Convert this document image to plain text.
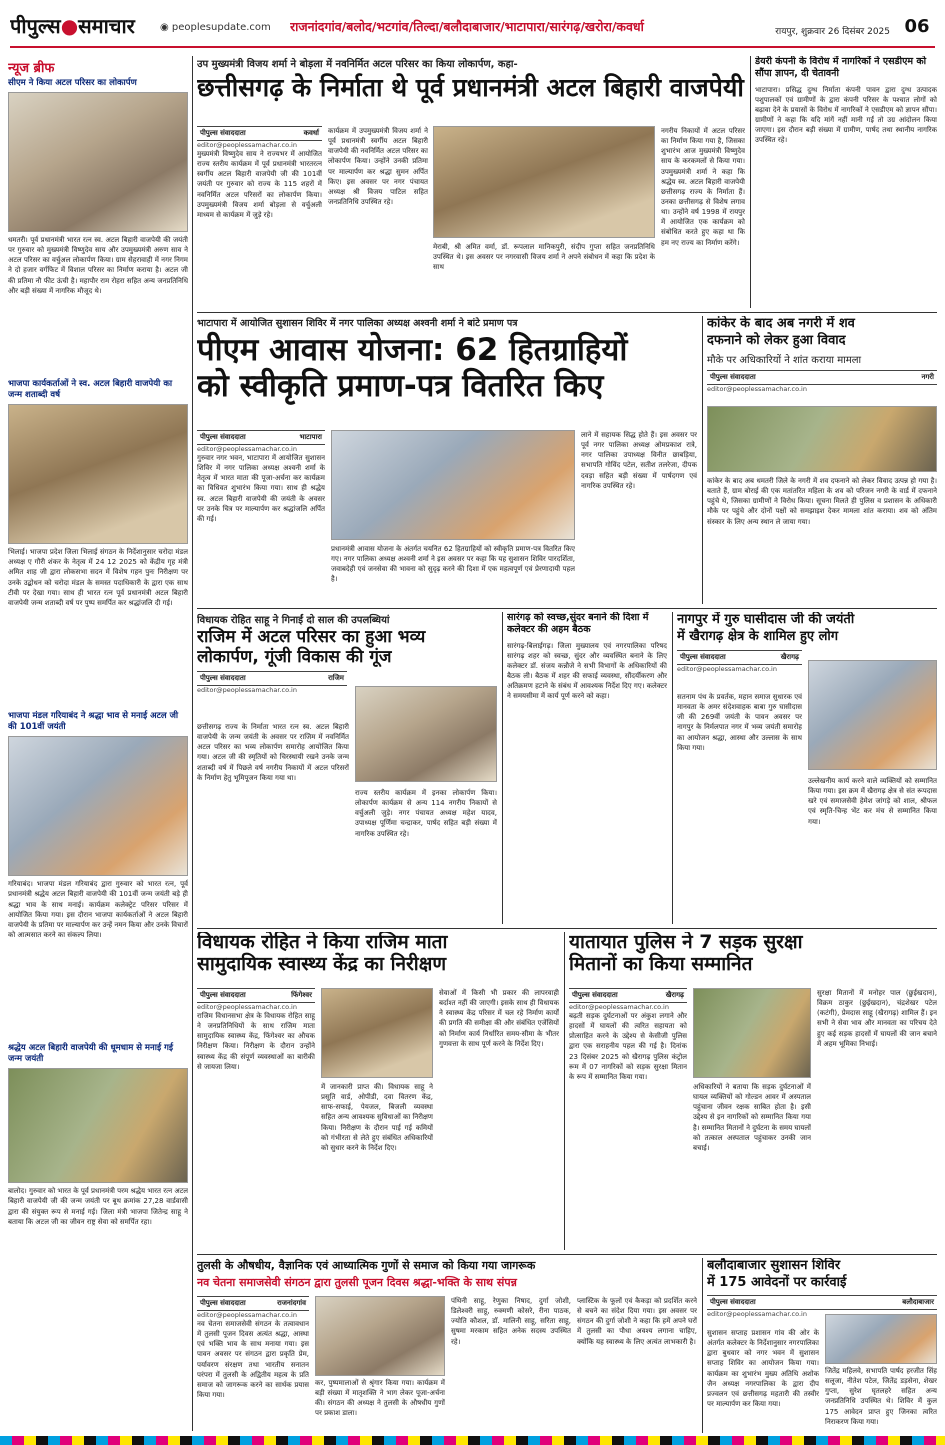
पीपुल्स●समाचार	◉ peoplesupdate.com	राजनांदगांव/बलोद/भटगांव/तिल्दा/बलौदाबाजार/भाटापारा/सारंगढ़/खरोरा/कवर्धा	रायपुर, शुक्रवार 26 दिसंबर 2025 06
न्यूज ब्रीफ
सीएम ने किया अटल परिसर का लोकार्पण
धमतरी। पूर्व प्रधानमंत्री भारत रत्न स्व. अटल बिहारी वाजपेयी की जयंती पर गुरुवार को मुख्यमंत्री विष्णुदेव साय और उपमुख्यमंत्री अरुण साव ने अटल परिसर का वर्चुअल लोकार्पण किया। ग्राम सेहरावाही में नगर निगम ने दो हजार वर्गफिट में विशाल परिसर का निर्माण कराया है। अटल जी की प्रतिमा नौ फीट ऊंची है। महापौर राम रोहरा सहित अन्य जनप्रतिनिधि और बड़ी संख्या में नागरिक मौजूद थे।
भाजपा कार्यकर्ताओं ने स्व. अटल बिहारी वाजपेयी का जन्म शताब्दी वर्ष
भिलाई। भाजपा प्रदेश जिला भिलाई संगठन के निर्देशानुसार चरोदा मंडल अध्यक्ष ए गौरी शंकर के नेतृत्व में 24 12 2025 को केंद्रीय गृह मंत्री अमित शाह जी द्वारा लोकसभा सदन में विशेष गहन पुनः निरीक्षण पर उनके उद्बोधन को चरोदा मंडल के समस्त पदाधिकारी के द्वारा एक साथ टीवी पर देखा गया। साथ ही भारत रत्न पूर्व प्रधानमंत्री अटल बिहारी वाजपेयी जन्म शताब्दी वर्ष पर पुष्प समर्पित कर श्रद्धांजलि दी गई।
भाजपा मंडल गरियाबंद ने श्रद्धा भाव से मनाई अटल जी की 101वीं जयंती
गरियाबंद। भाजपा मंडल गरियाबंद द्वारा गुरुवार को भारत रत्न, पूर्व प्रधानमंत्री श्रद्धेय अटल बिहारी वाजपेयी की 101वीं जन्म जयंती बड़े ही श्रद्धा भाव के साथ मनाई। कार्यक्रम कलेक्ट्रेट परिसर परिसर में आयोजित किया गया। इस दौरान भाजपा कार्यकर्ताओं ने अटल बिहारी वाजपेयी के प्रतिमा पर माल्यार्पण कर उन्हें नमन किया और उनके विचारों को आत्मसात करने का संकल्प लिया।
श्रद्धेय अटल बिहारी वाजपेयी की धूमधाम से मनाई गई जन्म जयंती
बालोद। गुरुवार को भारत के पूर्व प्रधानमंत्री परम श्रद्धेय भारत रत्न अटल बिहारी वाजपेयी जी की जन्म जयंती पर बूथ क्रमांक 27,28 वार्डवासी द्वारा की संयुक्त रूप से मनाई गई। जिला मंत्री भाजपा जितेन्द्र साहू ने बताया कि अटल जी का जीवन राष्ट्र सेवा को समर्पित रहा।
उप मुख्यमंत्री विजय शर्मा ने बोड़ला में नवनिर्मित अटल परिसर का किया लोकार्पण, कहा-
छत्तीसगढ़ के निर्माता थे पूर्व प्रधानमंत्री अटल बिहारी वाजपेयी
पीपुल्स संवाददाता	कवर्धा
editor@peoplessamachar.co.in
मुख्यमंत्री विष्णुदेव साय ने राज्यभर में आयोजित राज्य स्तरीय कार्यक्रम में पूर्व प्रधानमंत्री भारतरत्न स्वर्गीय अटल बिहारी वाजपेयी जी की 101वीं जयंती पर गुरुवार को राज्य के 115 शहरों में नवनिर्मित अटल परिसरों का लोकार्पण किया। उपमुख्यमंत्री विजय शर्मा बोड़ला से वर्चुअली माध्यम से कार्यक्रम में जुड़े रहे।
कार्यक्रम में उपमुख्यमंत्री विजय शर्मा ने पूर्व प्रधानमंत्री स्वर्गीय अटल बिहारी वाजपेयी की नवनिर्मित अटल परिसर का लोकार्पण किया। उन्होंने उनकी प्रतिमा पर माल्यार्पण कर श्रद्धा सुमन अर्पित किए। इस अवसर पर नगर पंचायत अध्यक्ष श्री विजय पाटिल सहित जनप्रतिनिधि उपस्थित रहे।
मेराबी, श्री अमित वर्मा, डॉ. रूपलाल मानिकपुरी, संदीप गुप्ता सहित जनप्रतिनिधि उपस्थित थे। इस अवसर पर नगरवासी विजय शर्मा ने अपने संबोधन में कहा कि प्रदेश के साथ
नगरीय निकायों में अटल परिसर का निर्माण किया गया है, जिसका शुभारंभ आज मुख्यमंत्री विष्णुदेव साय के करकमलों से किया गया। उपमुख्यमंत्री शर्मा ने कहा कि श्रद्धेय स्व. अटल बिहारी वाजपेयी छत्तीसगढ़ राज्य के निर्माता हैं। उनका छत्तीसगढ़ से विशेष लगाव था। उन्होंने वर्ष 1998 में रायपुर में आयोजित एक कार्यक्रम को संबोधित करते हुए कहा था कि हम नए राज्य का निर्माण करेंगे।
डेयरी कंपनी के विरोध में नागरिकों ने एसडीएम को सौंपा ज्ञापन, दी चेतावनी
भाटापारा। प्रसिद्ध दुग्ध निर्माता कंपनी पावन द्वारा दुग्ध उत्पादक पशुपालकों एवं ग्रामीणों के द्वारा कंपनी परिसर के पश्चात लोगों को बढ़ावा देने के प्रयासों के विरोध में नागरिकों ने एसडीएम को ज्ञापन सौंपा। ग्रामीणों ने कहा कि यदि मांगें नहीं मानी गईं तो उग्र आंदोलन किया जाएगा। इस दौरान बड़ी संख्या में ग्रामीण, पार्षद तथा स्थानीय नागरिक उपस्थित रहे।
भाटापारा में आयोजित सुशासन शिविर में नगर पालिका अध्यक्ष अश्वनी शर्मा ने बांटे प्रमाण पत्र
पीएम आवास योजना: 62 हितग्राहियों
को स्वीकृति प्रमाण-पत्र वितरित किए
पीपुल्स संवाददाता	भाटापारा
editor@peoplessamachar.co.in
गुरुवार नगर भवन, भाटापारा में आयोजित सुशासन शिविर में नगर पालिका अध्यक्ष अश्वनी शर्मा के नेतृत्व में भारत माता की पूजा-अर्चना कर कार्यक्रम का विधिवत शुभारंभ किया गया। साथ ही श्रद्धेय स्व. अटल बिहारी वाजपेयी की जयंती के अवसर पर उनके चित्र पर माल्यार्पण कर श्रद्धांजलि अर्पित की गई।
प्रधानमंत्री आवास योजना के अंतर्गत चयनित 62 हितग्राहियों को स्वीकृति प्रमाण-पत्र वितरित किए गए। नगर पालिका अध्यक्ष अश्वनी शर्मा ने इस अवसर पर कहा कि यह सुशासन शिविर पारदर्शिता, जवाबदेही एवं जनसेवा की भावना को सुदृढ़ करने की दिशा में एक महत्वपूर्ण एवं प्रेरणादायी पहल है।
लाने में सहायक सिद्ध होते हैं। इस अवसर पर पूर्व नगर पालिका अध्यक्ष ओमप्रकाश रात्रे, नगर पालिका उपाध्यक्ष विनीत छाबड़िया, सभापति गोविंद पटेल, सतीश तलरेजा, दीपक दवड़ा सहित बड़ी संख्या में पार्षदगण एवं नागरिक उपस्थित रहे।
कांकेर के बाद अब नगरी में शव
दफनाने को लेकर हुआ विवाद
मौके पर अधिकारियों ने शांत कराया मामला
पीपुल्स संवाददाता	नगरी
editor@peoplessamachar.co.in
कांकेर के बाद अब धमतरी जिले के नगरी में शव दफनाने को लेकर विवाद उत्पन्न हो गया है। बताते हैं, ग्राम बोराई की एक मतांतरित महिला के शव को परिजन नगरी के वार्ड में दफनाने पहुंचे थे, जिसका ग्रामीणों ने विरोध किया। सूचना मिलते ही पुलिस व प्रशासन के अधिकारी मौके पर पहुंचे और दोनों पक्षों को समझाइश देकर मामला शांत कराया। शव को अंतिम संस्कार के लिए अन्य स्थान ले जाया गया।
विधायक रोहित साहू ने गिनाईं दो साल की उपलब्धियां
राजिम में अटल परिसर का हुआ भव्य
लोकार्पण, गूंजी विकास की गूंज
पीपुल्स संवाददाता	राजिम
editor@peoplessamachar.co.in
छत्तीसगढ़ राज्य के निर्माता भारत रत्न स्व. अटल बिहारी वाजपेयी के जन्म जयंती के अवसर पर राजिम में नवनिर्मित अटल परिसर का भव्य लोकार्पण समारोह आयोजित किया गया। अटल जी की स्मृतियों को चिरस्थायी रखने उनके जन्म शताब्दी वर्ष में पिछले वर्ष नगरीय निकायों में अटल परिसरों के निर्माण हेतु भूमिपूजन किया गया था।
राज्य स्तरीय कार्यक्रम में इनका लोकार्पण किया। लोकार्पण कार्यक्रम से अन्य 114 नगरीय निकायों से वर्चुअली जुड़े। नगर पंचायत अध्यक्ष महेश यादव, उपाध्यक्ष पूर्णिमा चन्द्राकर, पार्षद सहित बड़ी संख्या में नागरिक उपस्थित रहे।
सारंगढ़ को स्वच्छ,सुंदर बनाने की दिशा में कलेक्टर की अहम बैठक
सारंगढ़-बिलाईगढ़। जिला मुख्यालय एवं नगरपालिका परिषद सारंगढ़ शहर को स्वच्छ, सुंदर और व्यवस्थित बनाने के लिए कलेक्टर डॉ. संजय कन्नौजे ने सभी विभागों के अधिकारियों की बैठक ली। बैठक में शहर की सफाई व्यवस्था, सौंदर्यीकरण और अतिक्रमण हटाने के संबंध में आवश्यक निर्देश दिए गए। कलेक्टर ने समयसीमा में कार्य पूर्ण करने को कहा।
नागपुर में गुरु घासीदास जी की जयंती
में खैरागढ़ क्षेत्र के शामिल हुए लोग
पीपुल्स संवाददाता	खैरागढ़
editor@peoplessamachar.co.in
सतनाम पंथ के प्रवर्तक, महान समाज सुधारक एवं मानवता के अमर संदेशवाहक बाबा गुरु घासीदास जी की 269वीं जयंती के पावन अवसर पर नागपुर के निर्मलपात नगर में भव्य जयंती समारोह का आयोजन श्रद्धा, आस्था और उल्लास के साथ किया गया।
उल्लेखनीय कार्य करने वाले व्यक्तियों को सम्मानित किया गया। इस क्रम में खैरागढ़ क्षेत्र से संत रूपदास खरे एवं समाजसेवी हेमेश जांगड़े को शाल, श्रीफल एवं स्मृति-चिन्ह भेंट कर मंच से सम्मानित किया गया।
विधायक रोहित ने किया राजिम माता
सामुदायिक स्वास्थ्य केंद्र का निरीक्षण
पीपुल्स संवाददाता	फिंगेश्वर
editor@peoplessamachar.co.in
राजिम विधानसभा क्षेत्र के विधायक रोहित साहू ने जनप्रतिनिधियों के साथ राजिम माता सामुदायिक स्वास्थ्य केंद्र, फिंगेश्वर का औचक निरीक्षण किया। निरीक्षण के दौरान उन्होंने स्वास्थ्य केंद्र की संपूर्ण व्यवस्थाओं का बारीकी से जायजा लिया।
में जानकारी प्राप्त की। विधायक साहू ने प्रसूति वार्ड, ओपीडी, दवा वितरण केंद्र, साफ-सफाई, पेयजल, बिजली व्यवस्था सहित अन्य आवश्यक सुविधाओं का निरीक्षण किया। निरीक्षण के दौरान पाई गई कमियों को गंभीरता से लेते हुए संबंधित अधिकारियों को सुधार करने के निर्देश दिए।
सेवाओं में किसी भी प्रकार की लापरवाही बर्दाश्त नहीं की जाएगी। इसके साथ ही विधायक ने स्वास्थ्य केंद्र परिसर में चल रहे निर्माण कार्यों की प्रगति की समीक्षा की और संबंधित एजेंसियों को निर्माण कार्य निर्धारित समय-सीमा के भीतर गुणवत्ता के साथ पूर्ण करने के निर्देश दिए।
यातायात पुलिस ने 7 सड़क सुरक्षा
मितानों का किया सम्मानित
पीपुल्स संवाददाता	खैरागढ़
editor@peoplessamachar.co.in
बढ़ती सड़क दुर्घटनाओं पर अंकुश लगाने और हादसों में घायलों की त्वरित सहायता को प्रोत्साहित करने के उद्देश्य से केसीजी पुलिस द्वारा एक सराहनीय पहल की गई है। दिनांक 23 दिसंबर 2025 को खैरागढ़ पुलिस कंट्रोल रूम में 07 नागरिकों को सड़क सुरक्षा मितान के रूप में सम्मानित किया गया।
अधिकारियों ने बताया कि सड़क दुर्घटनाओं में घायल व्यक्तियों को गोल्डन आवर में अस्पताल पहुंचाना जीवन रक्षक साबित होता है। इसी उद्देश्य से इन नागरिकों को सम्मानित किया गया है। सम्मानित मितानों ने दुर्घटना के समय घायलों को तत्काल अस्पताल पहुंचाकर उनकी जान बचाई।
सुरक्षा मितानों में मनोहर पाल (छुईखदान), विक्रम ठाकुर (छुईखदान), चंद्रशेखर पटेल (कटंगी), प्रेमदास साहू (खैरागढ़) शामिल हैं। इन सभी ने सेवा भाव और मानवता का परिचय देते हुए कई सड़क हादसों में घायलों की जान बचाने में अहम भूमिका निभाई।
तुलसी के औषधीय, वैज्ञानिक एवं आध्यात्मिक गुणों से समाज को किया गया जागरूक
नव चेतना समाजसेवी संगठन द्वारा तुलसी पूजन दिवस श्रद्धा-भक्ति के साथ संपन्न
पीपुल्स संवाददाता	राजनांदगांव
editor@peoplessamachar.co.in
नव चेतना समाजसेवी संगठन के तत्वावधान में तुलसी पूजन दिवस अत्यंत श्रद्धा, आस्था एवं भक्ति भाव के साथ मनाया गया। इस पावन अवसर पर संगठन द्वारा प्रकृति प्रेम, पर्यावरण संरक्षण तथा भारतीय सनातन परंपरा में तुलसी के अद्वितीय महत्व के प्रति समाज को जागरूक करने का सार्थक प्रयास किया गया।
कर, पुष्पमालाओं से श्रृंगार किया गया। कार्यक्रम में बड़ी संख्या में मातृशक्ति ने भाग लेकर पूजा-अर्चना की। संगठन की अध्यक्ष ने तुलसी के औषधीय गुणों पर प्रकाश डाला।
पंथिनी साहू, रेणुका निषाद, दुर्गा जोशी, डिलेश्वरी साहू, रुक्मणी कोसरे, रीना पाठक, ज्योति कौशल, डॉ. मालिनी साहू, सरिता साहू, सुषमा मरकाम सहित अनेक सदस्य उपस्थित रहे।
प्लास्टिक के फूलों एवं कैकड़ा को प्रदर्शित करने से बचने का संदेश दिया गया। इस अवसर पर संगठन की दुर्गा जोशी ने कहा कि हमें अपने घरों में तुलसी का पौधा अवश्य लगाना चाहिए, क्योंकि यह स्वास्थ्य के लिए अत्यंत लाभकारी है।
बलौदाबाजार सुशासन शिविर
में 175 आवेदनों पर कार्रवाई
पीपुल्स संवाददाता	बलौदाबाजार
editor@peoplessamachar.co.in
सुशासन सप्ताह प्रशासन गांव की ओर के अंतर्गत कलेक्टर के निर्देशानुसार नगरपालिका द्वारा बुधवार को नगर भवन में सुशासन सप्ताह शिविर का आयोजन किया गया। कार्यक्रम का शुभारंभ मुख्य अतिथि अशोक जैन अध्यक्ष नगरपालिका के द्वारा दीप प्रज्वलन एवं छत्तीसगढ़ महतारी की तस्वीर पर माल्यार्पण कर किया गया।
जितेंद्र महिलवे, सभापति पार्षद हरजीत सिंह सलूजा, नीतेश पटेल, जितेंद्र डड़सेना, शेखर गुप्ता, सुरेश घृतलहरे सहित अन्य जनप्रतिनिधि उपस्थित थे। शिविर में कुल 175 आवेदन प्राप्त हुए जिनका त्वरित निराकरण किया गया।
